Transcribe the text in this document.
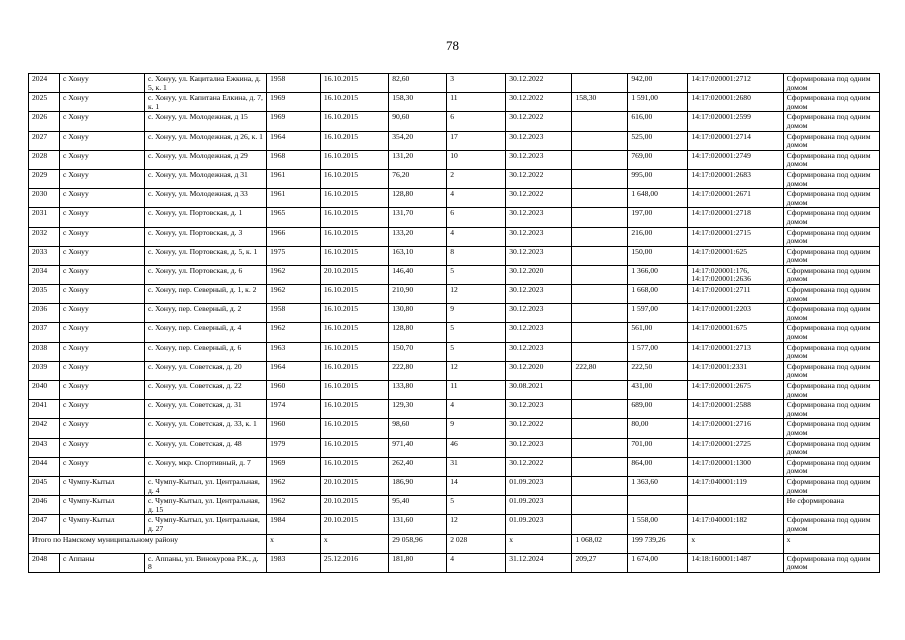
78
2024	с Хонуу	с. Хонуу, ул. Кациталиа Ежкина, д. 5, к. 1	1958	16.10.2015	82,60	3	30.12.2022		942,00	14:17:020001:2712	Сформирована под одним домом
2025	с Хонуу	с. Хонуу, ул. Капитана Елкина, д. 7, к. 1	1969	16.10.2015	158,30	11	30.12.2022	158,30	1 591,00	14:17:020001:2680	Сформирована под одним домом
2026	с Хонуу	с. Хонуу, ул. Молодежная, д 15	1969	16.10.2015	90,60	6	30.12.2022		616,00	14:17:020001:2599	Сформирована под одним домом
2027	с Хонуу	с. Хонуу, ул. Молодежная, д 26, к. 1	1964	16.10.2015	354,20	17	30.12.2023		525,00	14:17:020001:2714	Сформирована под одним домом
2028	с Хонуу	с. Хонуу, ул. Молодежная, д 29	1968	16.10.2015	131,20	10	30.12.2023		769,00	14:17:020001:2749	Сформирована под одним домом
2029	с Хонуу	с. Хонуу, ул. Молодежная, д 31	1961	16.10.2015	76,20	2	30.12.2022		995,00	14:17:020001:2683	Сформирована под одним домом
2030	с Хонуу	с. Хонуу, ул. Молодежная, д 33	1961	16.10.2015	128,80	4	30.12.2022		1 648,00	14:17:020001:2671	Сформирована под одним домом
2031	с Хонуу	с. Хонуу, ул. Портовская, д. 1	1965	16.10.2015	131,70	6	30.12.2023		197,00	14:17:020001:2718	Сформирована под одним домом
2032	с Хонуу	с. Хонуу, ул. Портовская, д. 3	1966	16.10.2015	133,20	4	30.12.2023		216,00	14:17:020001:2715	Сформирована под одним домом
2033	с Хонуу	с. Хонуу, ул. Портовская, д. 5, к. 1	1975	16.10.2015	163,10	8	30.12.2023		150,00	14:17:020001:625	Сформирована под одним домом
2034	с Хонуу	с. Хонуу, ул. Портовская, д. 6	1962	20.10.2015	146,40	5	30.12.2020		1 366,00	14:17:020001:176, 14:17:020001:2636	Сформирована под одним домом
2035	с Хонуу	с. Хонуу, пер. Северный, д. 1, к. 2	1962	16.10.2015	210,90	12	30.12.2023		1 668,00	14:17:020001:2711	Сформирована под одним домом
2036	с Хонуу	с. Хонуу, пер. Северный, д. 2	1958	16.10.2015	130,80	9	30.12.2023		1 597,00	14:17:020001:2203	Сформирована под одним домом
2037	с Хонуу	с. Хонуу, пер. Северный, д. 4	1962	16.10.2015	128,80	5	30.12.2023		561,00	14:17:020001:675	Сформирована под одним домом
2038	с Хонуу	с. Хонуу, пер. Северный, д. 6	1963	16.10.2015	150,70	5	30.12.2023		1 577,00	14:17:020001:2713	Сформирована под одним домом
2039	с Хонуу	с. Хонуу, ул. Советская, д. 20	1964	16.10.2015	222,80	12	30.12.2020	222,80	222,50	14:17:02001:2331	Сформирована под одним домом
2040	с Хонуу	с. Хонуу, ул. Советская, д. 22	1960	16.10.2015	133,80	11	30.08.2021		431,00	14:17:020001:2675	Сформирована под одним домом
2041	с Хонуу	с. Хонуу, ул. Советская, д. 31	1974	16.10.2015	129,30	4	30.12.2023		689,00	14:17:020001:2588	Сформирована под одним домом
2042	с Хонуу	с. Хонуу, ул. Советская, д. 33, к. 1	1960	16.10.2015	98,60	9	30.12.2022		80,00	14:17:020001:2716	Сформирована под одним домом
2043	с Хонуу	с. Хонуу, ул. Советская, д. 48	1979	16.10.2015	971,40	46	30.12.2023		701,00	14:17:020001:2725	Сформирована под одним домом
2044	с Хонуу	с. Хонуу, мкр. Спортивный, д. 7	1969	16.10.2015	262,40	31	30.12.2022		864,00	14:17:020001:1300	Сформирована под одним домом
2045	с Чумпу-Кытыл	с. Чумпу-Кытыл, ул. Центральная, д. 4	1962	20.10.2015	186,90	14	01.09.2023		1 363,60	14:17:040001:119	Сформирована под одним домом
2046	с Чумпу-Кытыл	с. Чумпу-Кытыл, ул. Центральная, д. 15	1962	20.10.2015	95,40	5	01.09.2023				Не сформирована
2047	с Чумпу-Кытыл	с. Чумпу-Кытыл, ул. Центральная, д. 27	1984	20.10.2015	131,60	12	01.09.2023		1 558,00	14:17:040001:182	Сформирована под одним домом
Итого по Намскому муниципальному району			x	x	29 058,96	2 028	x	1 068,02	199 739,26	x	x
2048	с Аппаны	с. Аппаны, ул. Винокурова Р.К., д. 8	1983	25.12.2016	181,80	4	31.12.2024	209,27	1 674,00	14:18:160001:1487	Сформирована под одним домом
